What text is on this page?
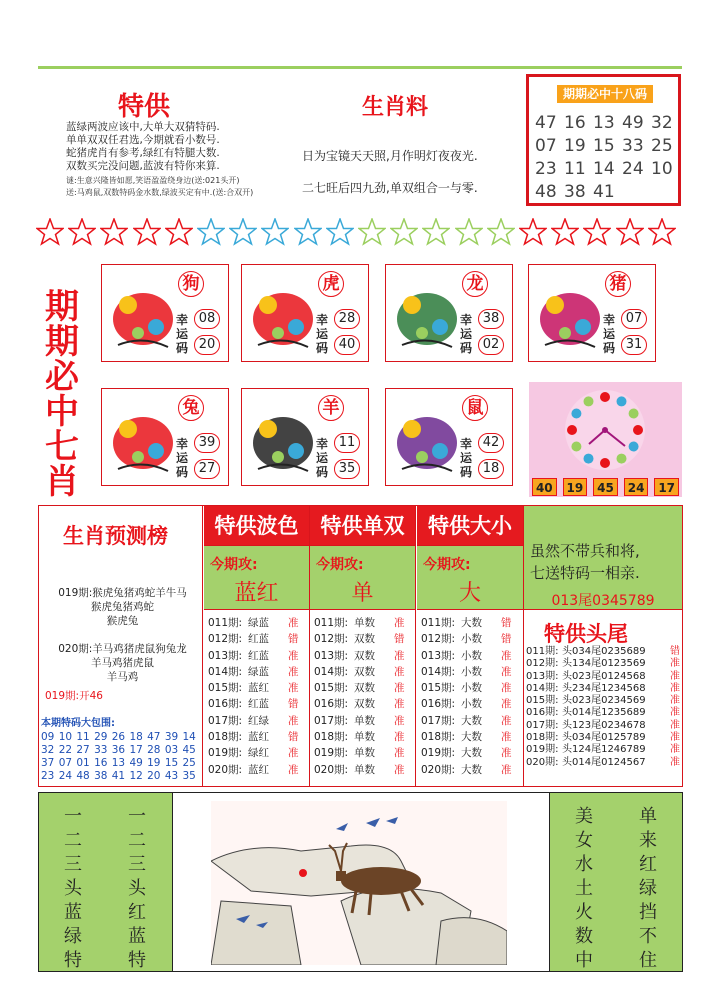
特供
蓝绿两波应该中,大单大双猜特码.
单单双双任君选,今期就看小数号.
蛇猪虎肖有参考,绿红有特腿大数.
双数买完没问题,蓝波有特你来算.
谜:生意兴隆皆如愿,笑语盈盈绕身边(送:021头开)
送:马鸡鼠,双数特码金水数,绿波买定有中.(送:合双开)
生肖料
日为宝镜天天照,月作明灯夜夜光.
二七旺后四九劲,单双组合一与零.
期期必中十八码
47 16 13 49 32
07 19 15 33 25
23 11 14 24 10
48 38 41
期
期
必
中
七
肖
狗
幸运码
08
20
虎
幸运码
28
40
龙
幸运码
38
02
猪
幸运码
07
31
兔
幸运码
39
27
羊
幸运码
11
35
鼠
幸运码
42
18
40	19	45	24	17
生肖预测榜
019期:猴虎兔猪鸡蛇羊牛马
猴虎兔猪鸡蛇
猴虎兔
020期:羊马鸡猪虎鼠狗兔龙
羊马鸡猪虎鼠
羊马鸡
019期:开46
本期特码大包围:
09 10 11 29 26 18 47 39 14
32 22 27 33 36 17 28 03 45
37 07 01 16 13 49 19 15 25
23 24 48 38 41 12 20 43 35
特供波色
今期攻:
蓝红
011期: 绿蓝	准
012期: 红蓝	错
013期: 红蓝	准
014期: 绿蓝	准
015期: 蓝红	准
016期: 红蓝	错
017期: 红绿	准
018期: 蓝红	错
019期: 绿红	准
020期: 蓝红	准
特供单双
今期攻:
单
011期: 单数	准
012期: 双数	错
013期: 双数	准
014期: 双数	准
015期: 双数	准
016期: 双数	准
017期: 单数	准
018期: 单数	准
019期: 单数	准
020期: 单数	准
特供大小
今期攻:
大
011期: 大数	错
012期: 小数	错
013期: 小数	准
014期: 小数	准
015期: 小数	准
016期: 小数	准
017期: 大数	准
018期: 大数	准
019期: 大数	准
020期: 大数	准
虽然不带兵和将,
七送特码一相亲.
013尾0345789
特供头尾
011期: 头034尾0235689	错
012期: 头134尾0123569	准
013期: 头023尾0124568	准
014期: 头234尾1234568	准
015期: 头023尾0234569	准
016期: 头014尾1235689	准
017期: 头123尾0234678	准
018期: 头034尾0125789	准
019期: 头124尾1246789	准
020期: 头014尾0124567	准
一
二
三
头
蓝
绿
特
一
二
三
头
红
蓝
特
美
女
水
土
火
数
中
单
来
红
绿
挡
不
住
